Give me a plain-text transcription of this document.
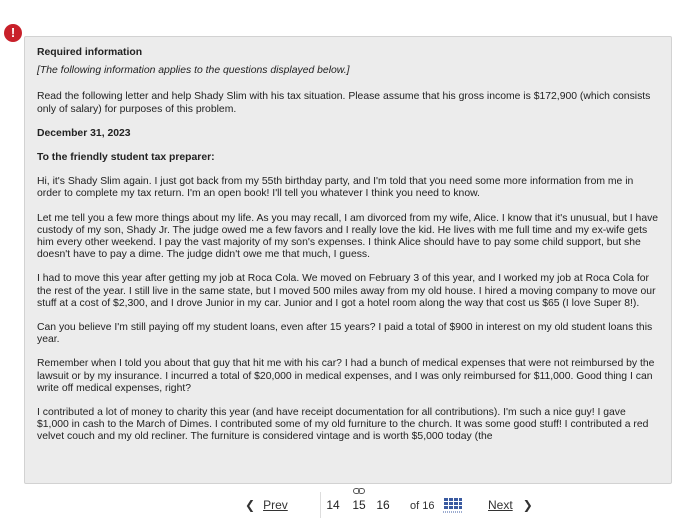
!
Required information
[The following information applies to the questions displayed below.]
Read the following letter and help Shady Slim with his tax situation. Please assume that his gross income is $172,900 (which consists only of salary) for purposes of this problem.
December 31, 2023
To the friendly student tax preparer:
Hi, it's Shady Slim again. I just got back from my 55th birthday party, and I'm told that you need some more information from me in order to complete my tax return. I'm an open book! I'll tell you whatever I think you need to know.
Let me tell you a few more things about my life. As you may recall, I am divorced from my wife, Alice. I know that it's unusual, but I have custody of my son, Shady Jr. The judge owed me a few favors and I really love the kid. He lives with me full time and my ex-wife gets him every other weekend. I pay the vast majority of my son's expenses. I think Alice should have to pay some child support, but she doesn't have to pay a dime. The judge didn't owe me that much, I guess.
I had to move this year after getting my job at Roca Cola. We moved on February 3 of this year, and I worked my job at Roca Cola for the rest of the year. I still live in the same state, but I moved 500 miles away from my old house. I hired a moving company to move our stuff at a cost of $2,300, and I drove Junior in my car. Junior and I got a hotel room along the way that cost us $65 (I love Super 8!).
Can you believe I'm still paying off my student loans, even after 15 years? I paid a total of $900 in interest on my old student loans this year.
Remember when I told you about that guy that hit me with his car? I had a bunch of medical expenses that were not reimbursed by the lawsuit or by my insurance. I incurred a total of $20,000 in medical expenses, and I was only reimbursed for $11,000. Good thing I can write off medical expenses, right?
I contributed a lot of money to charity this year (and have receipt documentation for all contributions). I'm such a nice guy! I gave $1,000 in cash to the March of Dimes. I contributed some of my old furniture to the church. It was some good stuff! I contributed a red velvet couch and my old recliner. The furniture is considered vintage and is worth $5,000 today (the
❮ Prev	14 15 16	of 16	Next ❯
